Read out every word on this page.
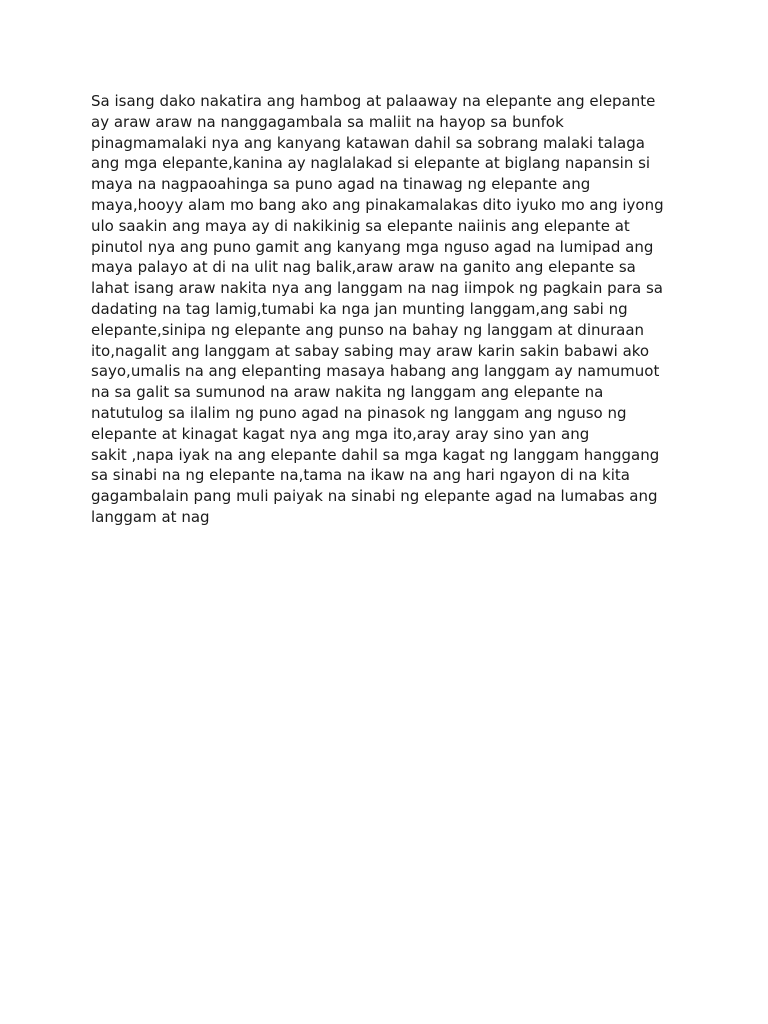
Sa isang dako nakatira ang hambog at palaaway na elepante ang elepante
ay araw araw na nanggagambala sa maliit na hayop sa bunfok
pinagmamalaki nya ang kanyang katawan dahil sa sobrang malaki talaga
ang mga elepante,kanina ay naglalakad si elepante at biglang napansin si
maya na nagpaoahinga sa puno agad na tinawag ng elepante ang
maya,hooyy alam mo bang ako ang pinakamalakas dito iyuko mo ang iyong
ulo saakin ang maya ay di nakikinig sa elepante naiinis ang elepante at
pinutol nya ang puno gamit ang kanyang mga nguso agad na lumipad ang
maya palayo at di na ulit nag balik,araw araw na ganito ang elepante sa
lahat isang araw nakita nya ang langgam na nag iimpok ng pagkain para sa
dadating na tag lamig,tumabi ka nga jan munting langgam,ang sabi ng
elepante,sinipa ng elepante ang punso na bahay ng langgam at dinuraan
ito,nagalit ang langgam at sabay sabing may araw karin sakin babawi ako
sayo,umalis na ang elepanting masaya habang ang langgam ay namumuot
na sa galit sa sumunod na araw nakita ng langgam ang elepante na
natutulog sa ilalim ng puno agad na pinasok ng langgam ang nguso ng
elepante at kinagat kagat nya ang mga ito,aray aray sino yan ang
sakit ,napa iyak na ang elepante dahil sa mga kagat ng langgam hanggang
sa sinabi na ng elepante na,tama na ikaw na ang hari ngayon di na kita
gagambalain pang muli paiyak na sinabi ng elepante agad na lumabas ang
langgam at nag
